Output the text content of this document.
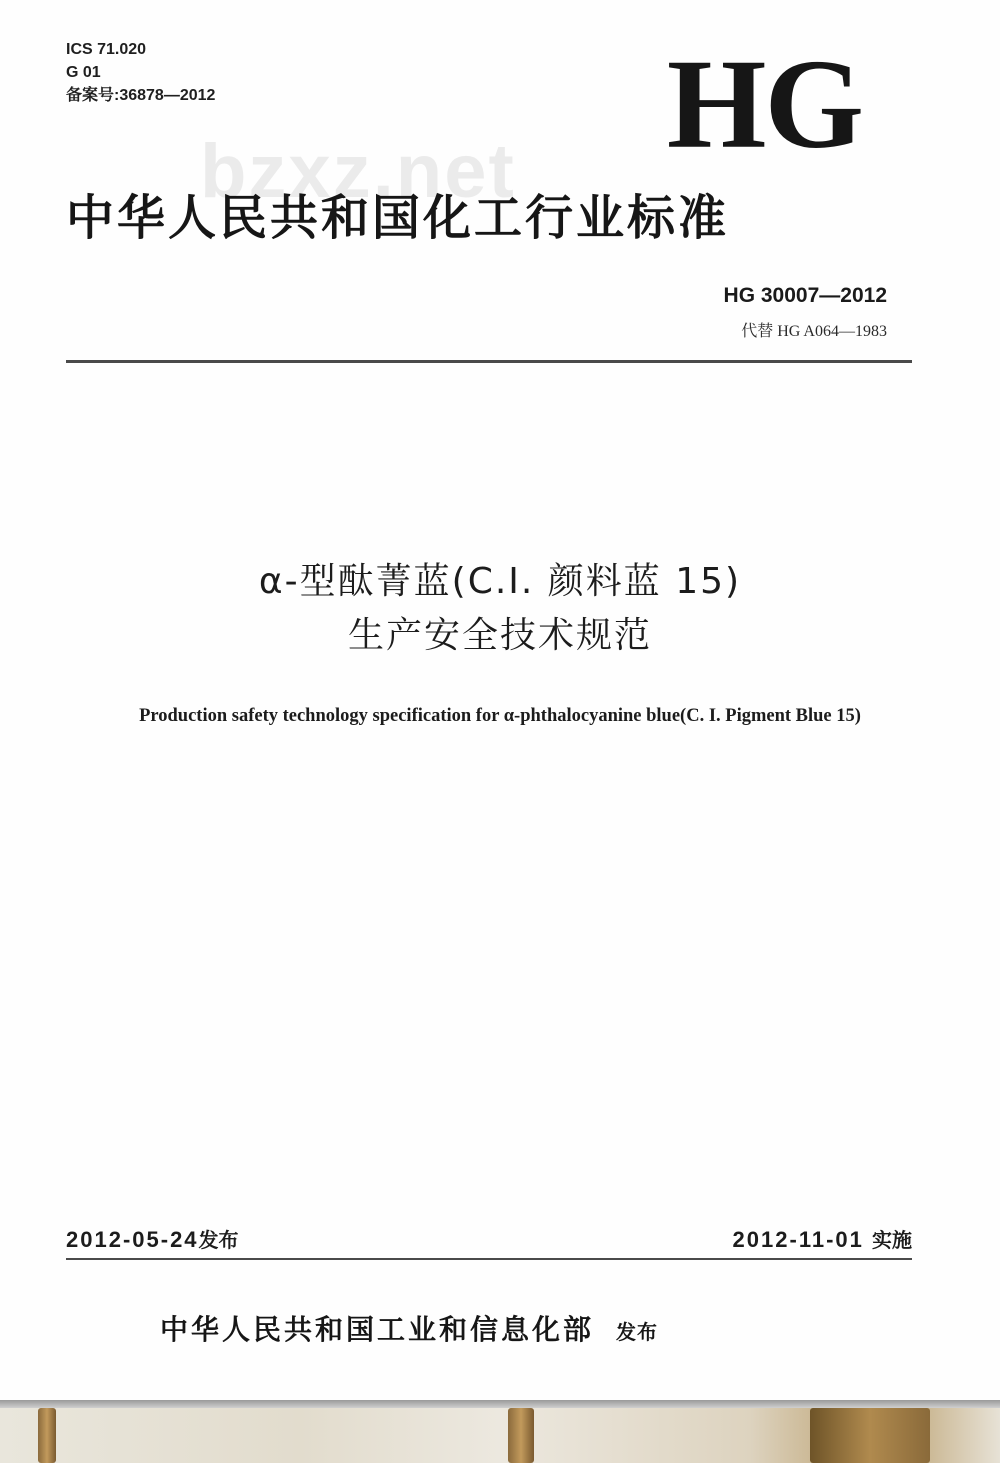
ICS 71.020
G 01
备案号:36878—2012	HG
bzxz.net
中华人民共和国化工行业标准
HG 30007—2012
代替 HG A064—1983
α-型酞菁蓝(C.I. 颜料蓝 15)
生产安全技术规范
Production safety technology specification for α-phthalocyanine blue(C. I. Pigment Blue 15)
2012-05-24发布	2012-11-01 实施
中华人民共和国工业和信息化部 发布
